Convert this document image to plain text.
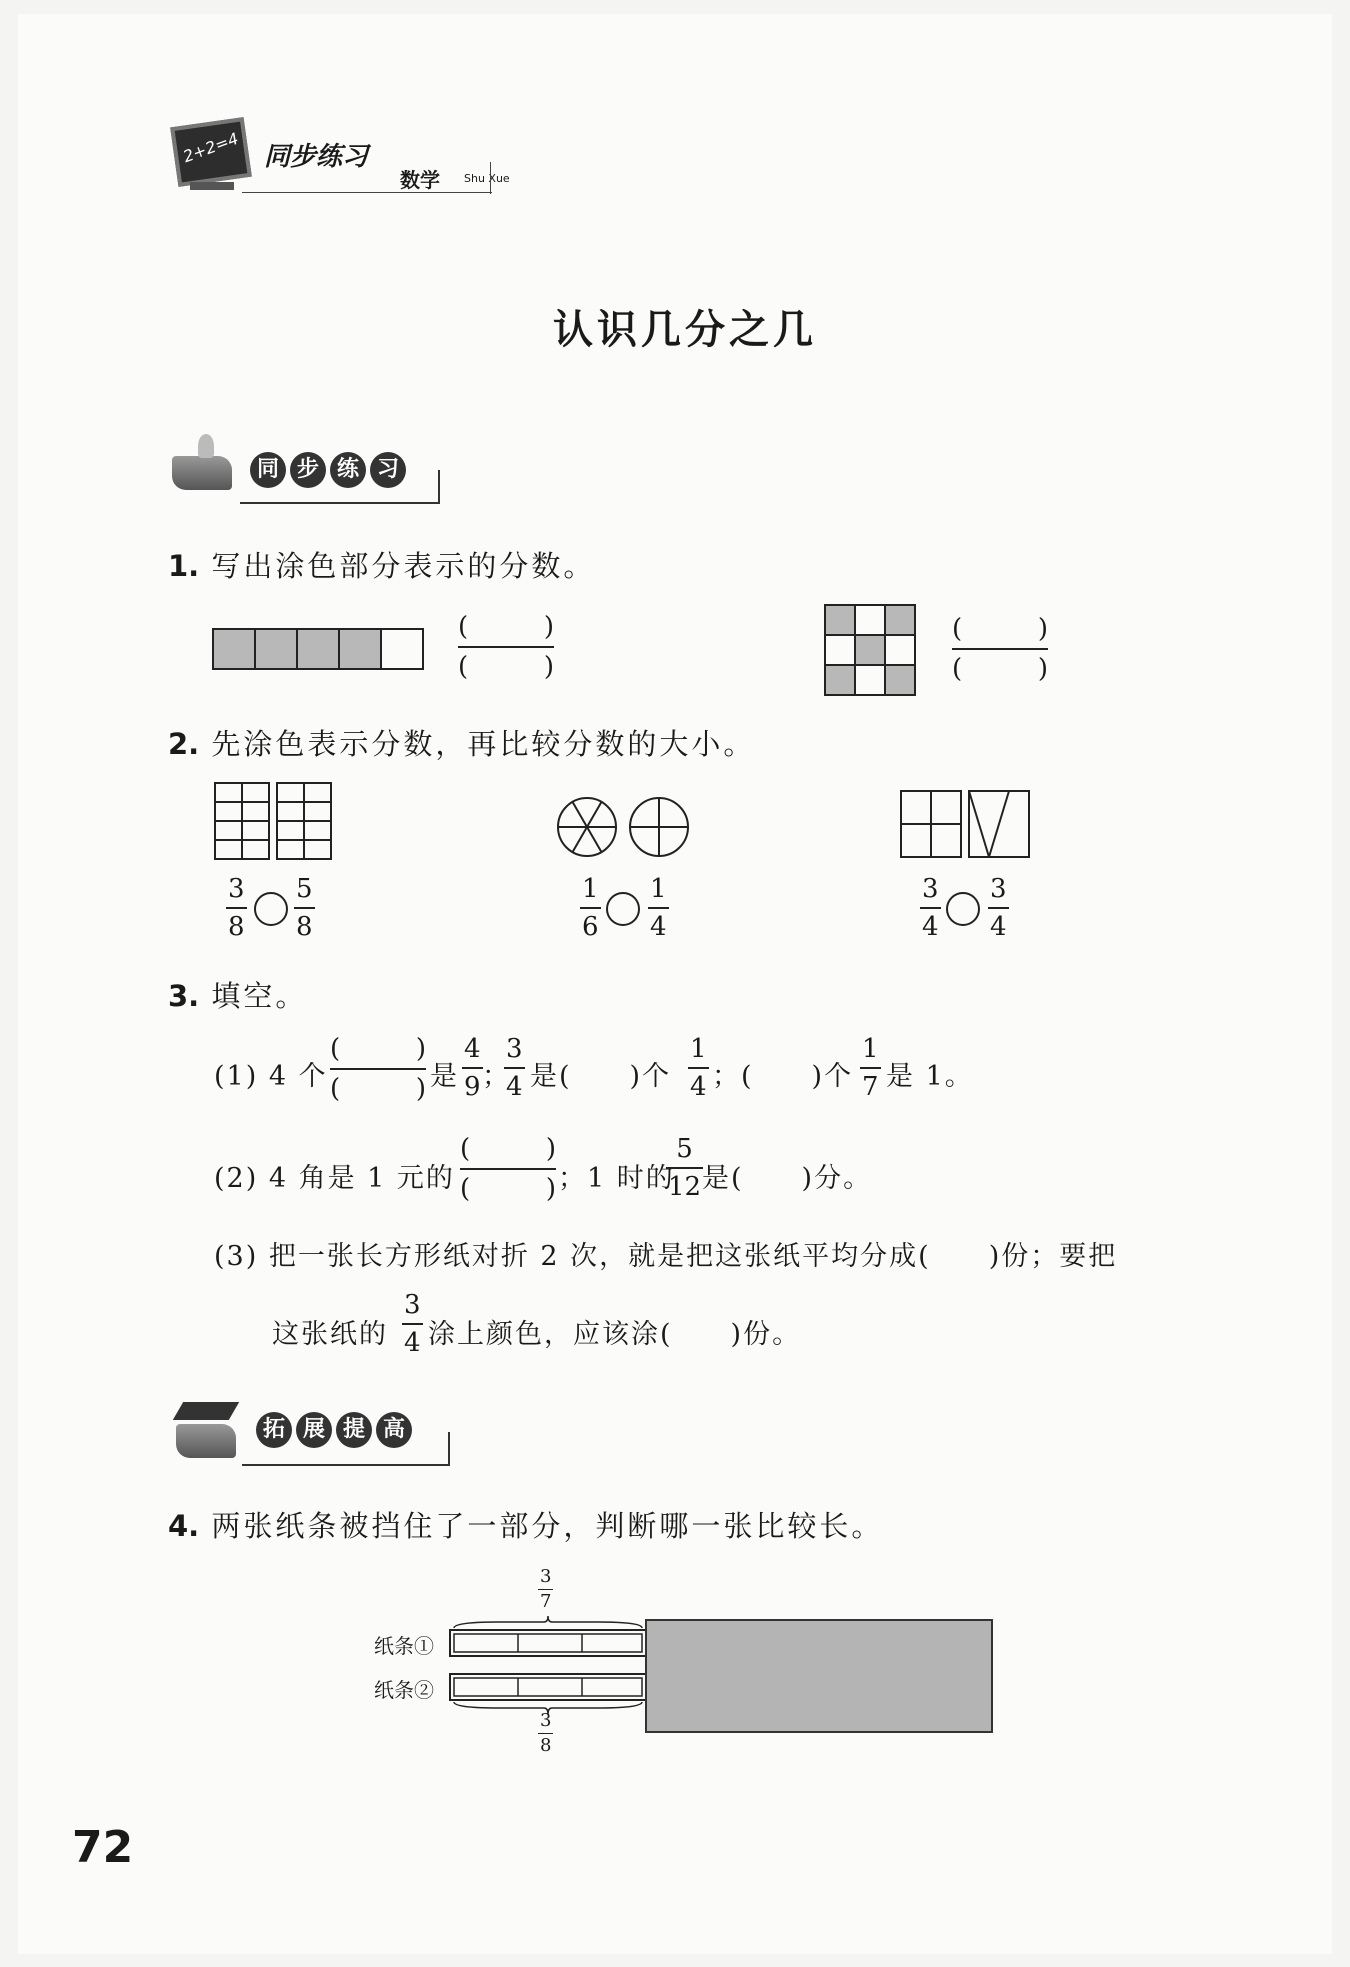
2+2=4 同步练习
数学 Shu Xue
认识几分之几
同 步 练 习
1. 写出涂色部分表示的分数。
(	)
(	)
(	)
(	)
2. 先涂色表示分数，再比较分数的大小。
$\frac{3}{8} \frac{5}{8}$	$\frac{1}{6} \frac{1}{4}$	$\frac{3}{4} \frac{3}{4}$
3. 填空。
(1) 4 个
(	)
(	) 是 $\frac{4}{9}$ ；
$\frac{3}{4}$ 是(　　)个 $\frac{1}{4}$ ；(　　)个 $\frac{1}{7}$ 是 1。
(2) 4 角是 1 元的
(	)
(	) ；1 时的
$\frac{5}{12}$
是(　　)分。
(3) 把一张长方形纸对折 2 次，就是把这张纸平均分成(　　)份；要把
这张纸的 $\frac{3}{4}$ 涂上颜色，应该涂(　　)份。
拓 展 提 高
4. 两张纸条被挡住了一部分，判断哪一张比较长。
$\frac{3}{7}$
纸条①
纸条②
$\frac{3}{8}$
72
